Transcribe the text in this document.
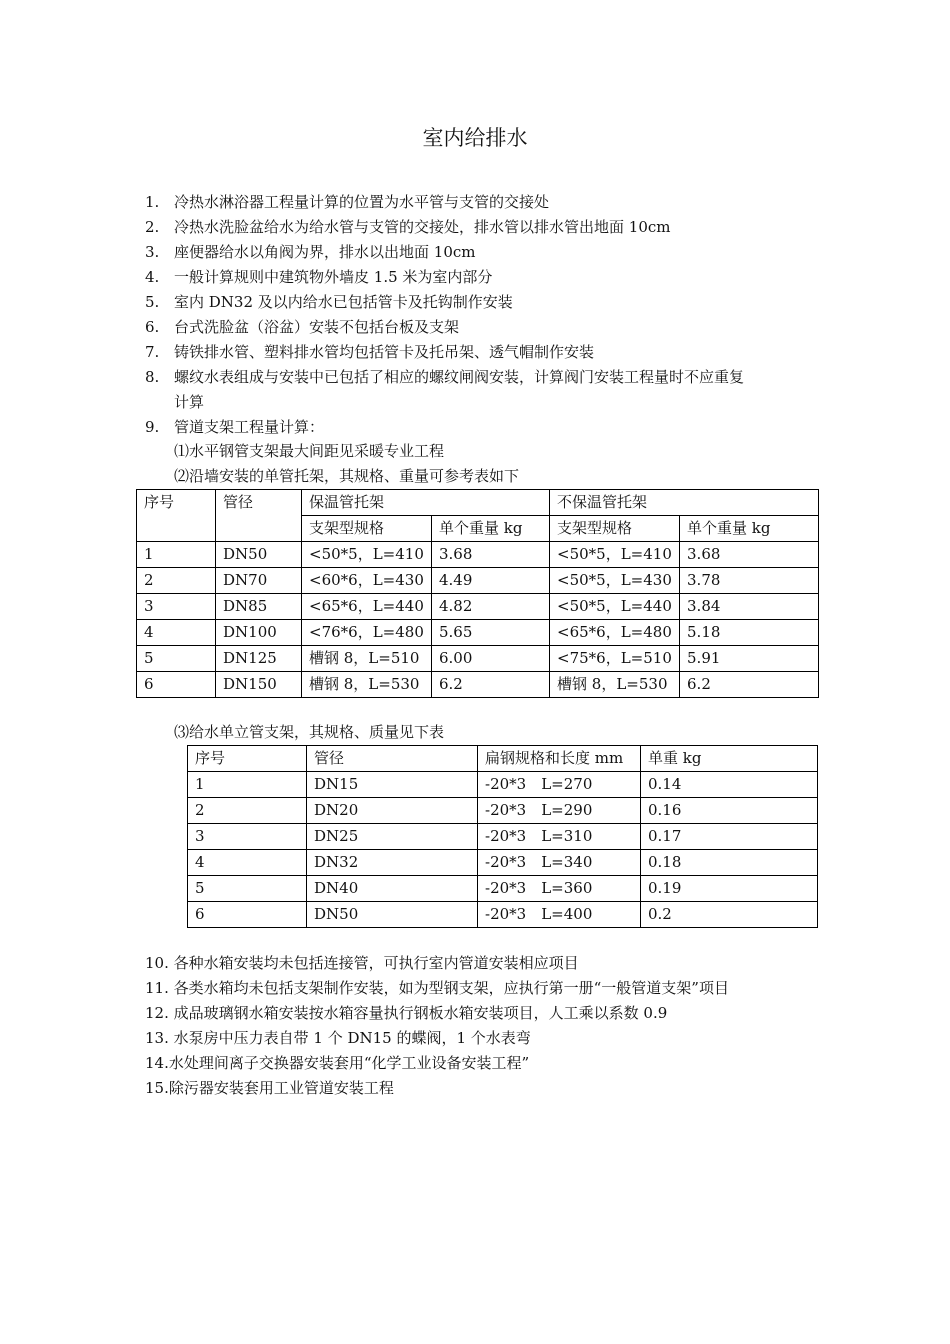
室内给排水
1. 冷热水淋浴器工程量计算的位置为水平管与支管的交接处
2. 冷热水洗脸盆给水为给水管与支管的交接处，排水管以排水管出地面 10cm
3. 座便器给水以角阀为界，排水以出地面 10cm
4. 一般计算规则中建筑物外墙皮 1.5 米为室内部分
5. 室内 DN32 及以内给水已包括管卡及托钩制作安装
6. 台式洗脸盆（浴盆）安装不包括台板及支架
7. 铸铁排水管、塑料排水管均包括管卡及托吊架、透气帽制作安装
8. 螺纹水表组成与安装中已包括了相应的螺纹闸阀安装，计算阀门安装工程量时不应重复
计算
9. 管道支架工程量计算：
⑴水平钢管支架最大间距见采暖专业工程
⑵沿墙安装的单管托架，其规格、重量可参考表如下
序号	管径	保温管托架		不保温管托架	
		支架型规格	单个重量 kg	支架型规格	单个重量 kg
1	DN50	<50*5，L=410	3.68	<50*5，L=410	3.68
2	DN70	<60*6，L=430	4.49	<50*5，L=430	3.78
3	DN85	<65*6，L=440	4.82	<50*5，L=440	3.84
4	DN100	<76*6，L=480	5.65	<65*6，L=480	5.18
5	DN125	槽钢 8，L=510	6.00	<75*6，L=510	5.91
6	DN150	槽钢 8，L=530	6.2	槽钢 8，L=530	6.2
⑶给水单立管支架，其规格、质量见下表
序号	管径	扁钢规格和长度 mm	单重 kg
1	DN15	-20*3　L=270	0.14
2	DN20	-20*3　L=290	0.16
3	DN25	-20*3　L=310	0.17
4	DN32	-20*3　L=340	0.18
5	DN40	-20*3　L=360	0.19
6	DN50	-20*3　L=400	0.2
10. 各种水箱安装均未包括连接管，可执行室内管道安装相应项目
11. 各类水箱均未包括支架制作安装，如为型钢支架，应执行第一册“一般管道支架”项目
12. 成品玻璃钢水箱安装按水箱容量执行钢板水箱安装项目，人工乘以系数 0.9
13. 水泵房中压力表自带 1 个 DN15 的蝶阀，1 个水表弯
14.水处理间离子交换器安装套用“化学工业设备安装工程”
15.除污器安装套用工业管道安装工程
